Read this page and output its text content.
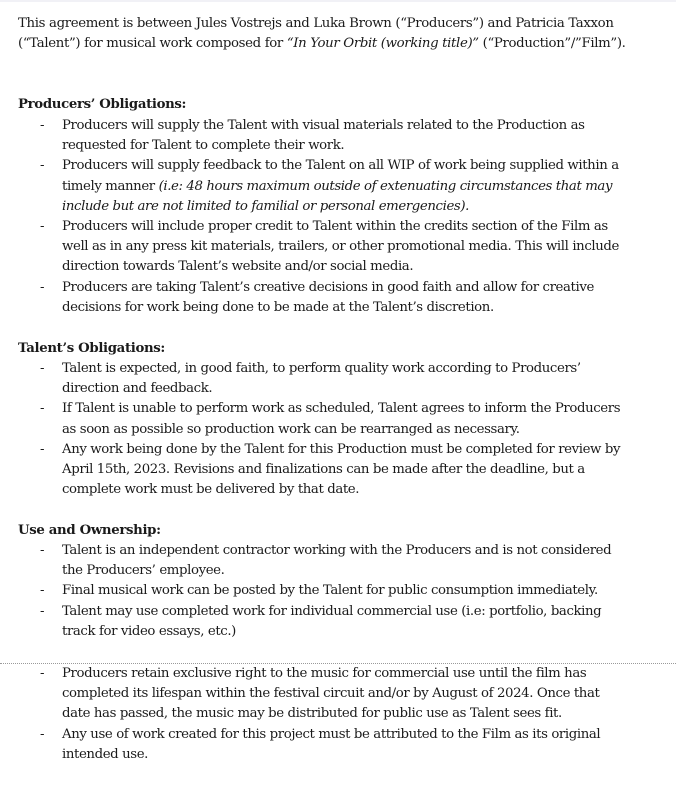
This agreement is between Jules Vostrejs and Luka Brown (“Producers”) and Patricia Taxxon (“Talent”) for musical work composed for “In Your Orbit (working title)” (“Production”/”Film”).

Producers’ Obligations:
- Producers will supply the Talent with visual materials related to the Production as requested for Talent to complete their work.
- Producers will supply feedback to the Talent on all WIP of work being supplied within a timely manner (i.e: 48 hours maximum outside of extenuating circumstances that may include but are not limited to familial or personal emergencies).
- Producers will include proper credit to Talent within the credits section of the Film as well as in any press kit materials, trailers, or other promotional media. This will include direction towards Talent’s website and/or social media.
- Producers are taking Talent’s creative decisions in good faith and allow for creative decisions for work being done to be made at the Talent’s discretion.
Talent’s Obligations:
- Talent is expected, in good faith, to perform quality work according to Producers’ direction and feedback.
- If Talent is unable to perform work as scheduled, Talent agrees to inform the Producers as soon as possible so production work can be rearranged as necessary.
- Any work being done by the Talent for this Production must be completed for review by April 15th, 2023. Revisions and finalizations can be made after the deadline, but a complete work must be delivered by that date.
Use and Ownership:
- Talent is an independent contractor working with the Producers and is not considered the Producers’ employee.
- Final musical work can be posted by the Talent for public consumption immediately.
- Talent may use completed work for individual commercial use (i.e: portfolio, backing track for video essays, etc.)
- Producers retain exclusive right to the music for commercial use until the film has completed its lifespan within the festival circuit and/or by August of 2024. Once that date has passed, the music may be distributed for public use as Talent sees fit.
- Any use of work created for this project must be attributed to the Film as its original intended use.
